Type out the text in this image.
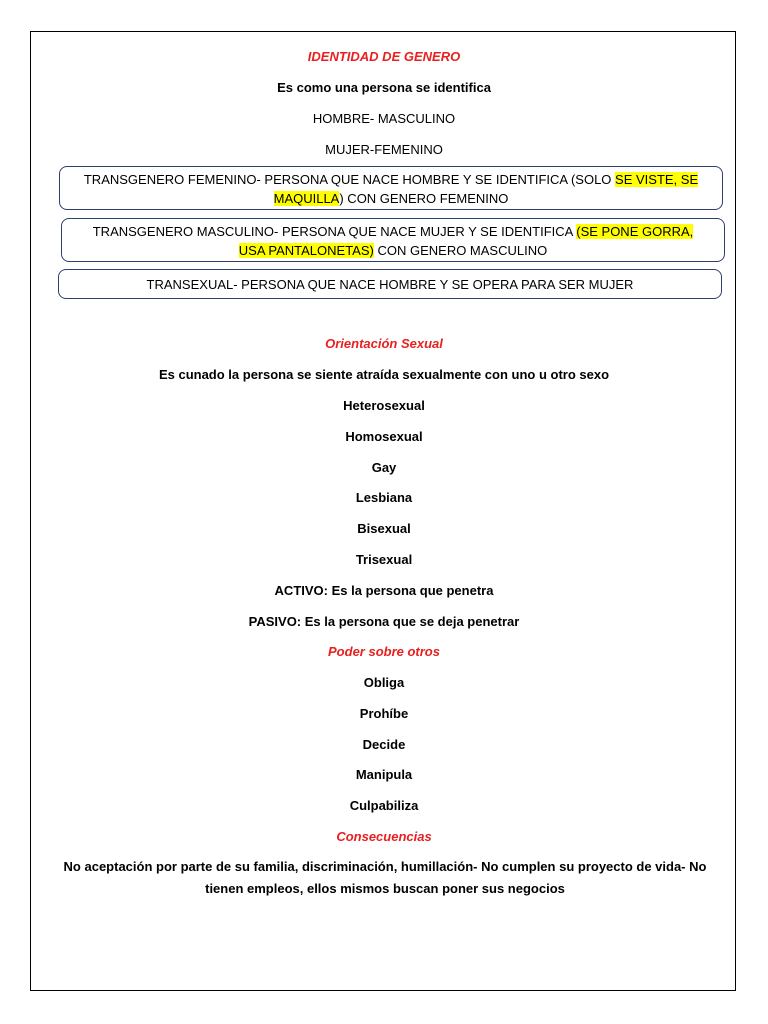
IDENTIDAD DE GENERO
Es como una persona se identifica
HOMBRE- MASCULINO
MUJER-FEMENINO
TRANSGENERO FEMENINO- PERSONA QUE NACE HOMBRE Y SE IDENTIFICA (SOLO SE VISTE, SE MAQUILLA) CON GENERO FEMENINO
TRANSGENERO MASCULINO- PERSONA QUE NACE MUJER Y SE IDENTIFICA (SE PONE GORRA, USA PANTALONETAS) CON GENERO MASCULINO
TRANSEXUAL- PERSONA QUE NACE HOMBRE Y SE OPERA PARA SER MUJER
Orientación Sexual
Es cunado la persona se siente atraída sexualmente con uno u otro sexo
Heterosexual
Homosexual
Gay
Lesbiana
Bisexual
Trisexual
ACTIVO: Es la persona que penetra
PASIVO: Es la persona que se deja penetrar
Poder sobre otros
Obliga
Prohíbe
Decide
Manipula
Culpabiliza
Consecuencias
No aceptación por parte de su familia, discriminación, humillación- No cumplen su proyecto de vida- No tienen empleos, ellos mismos buscan poner sus negocios
